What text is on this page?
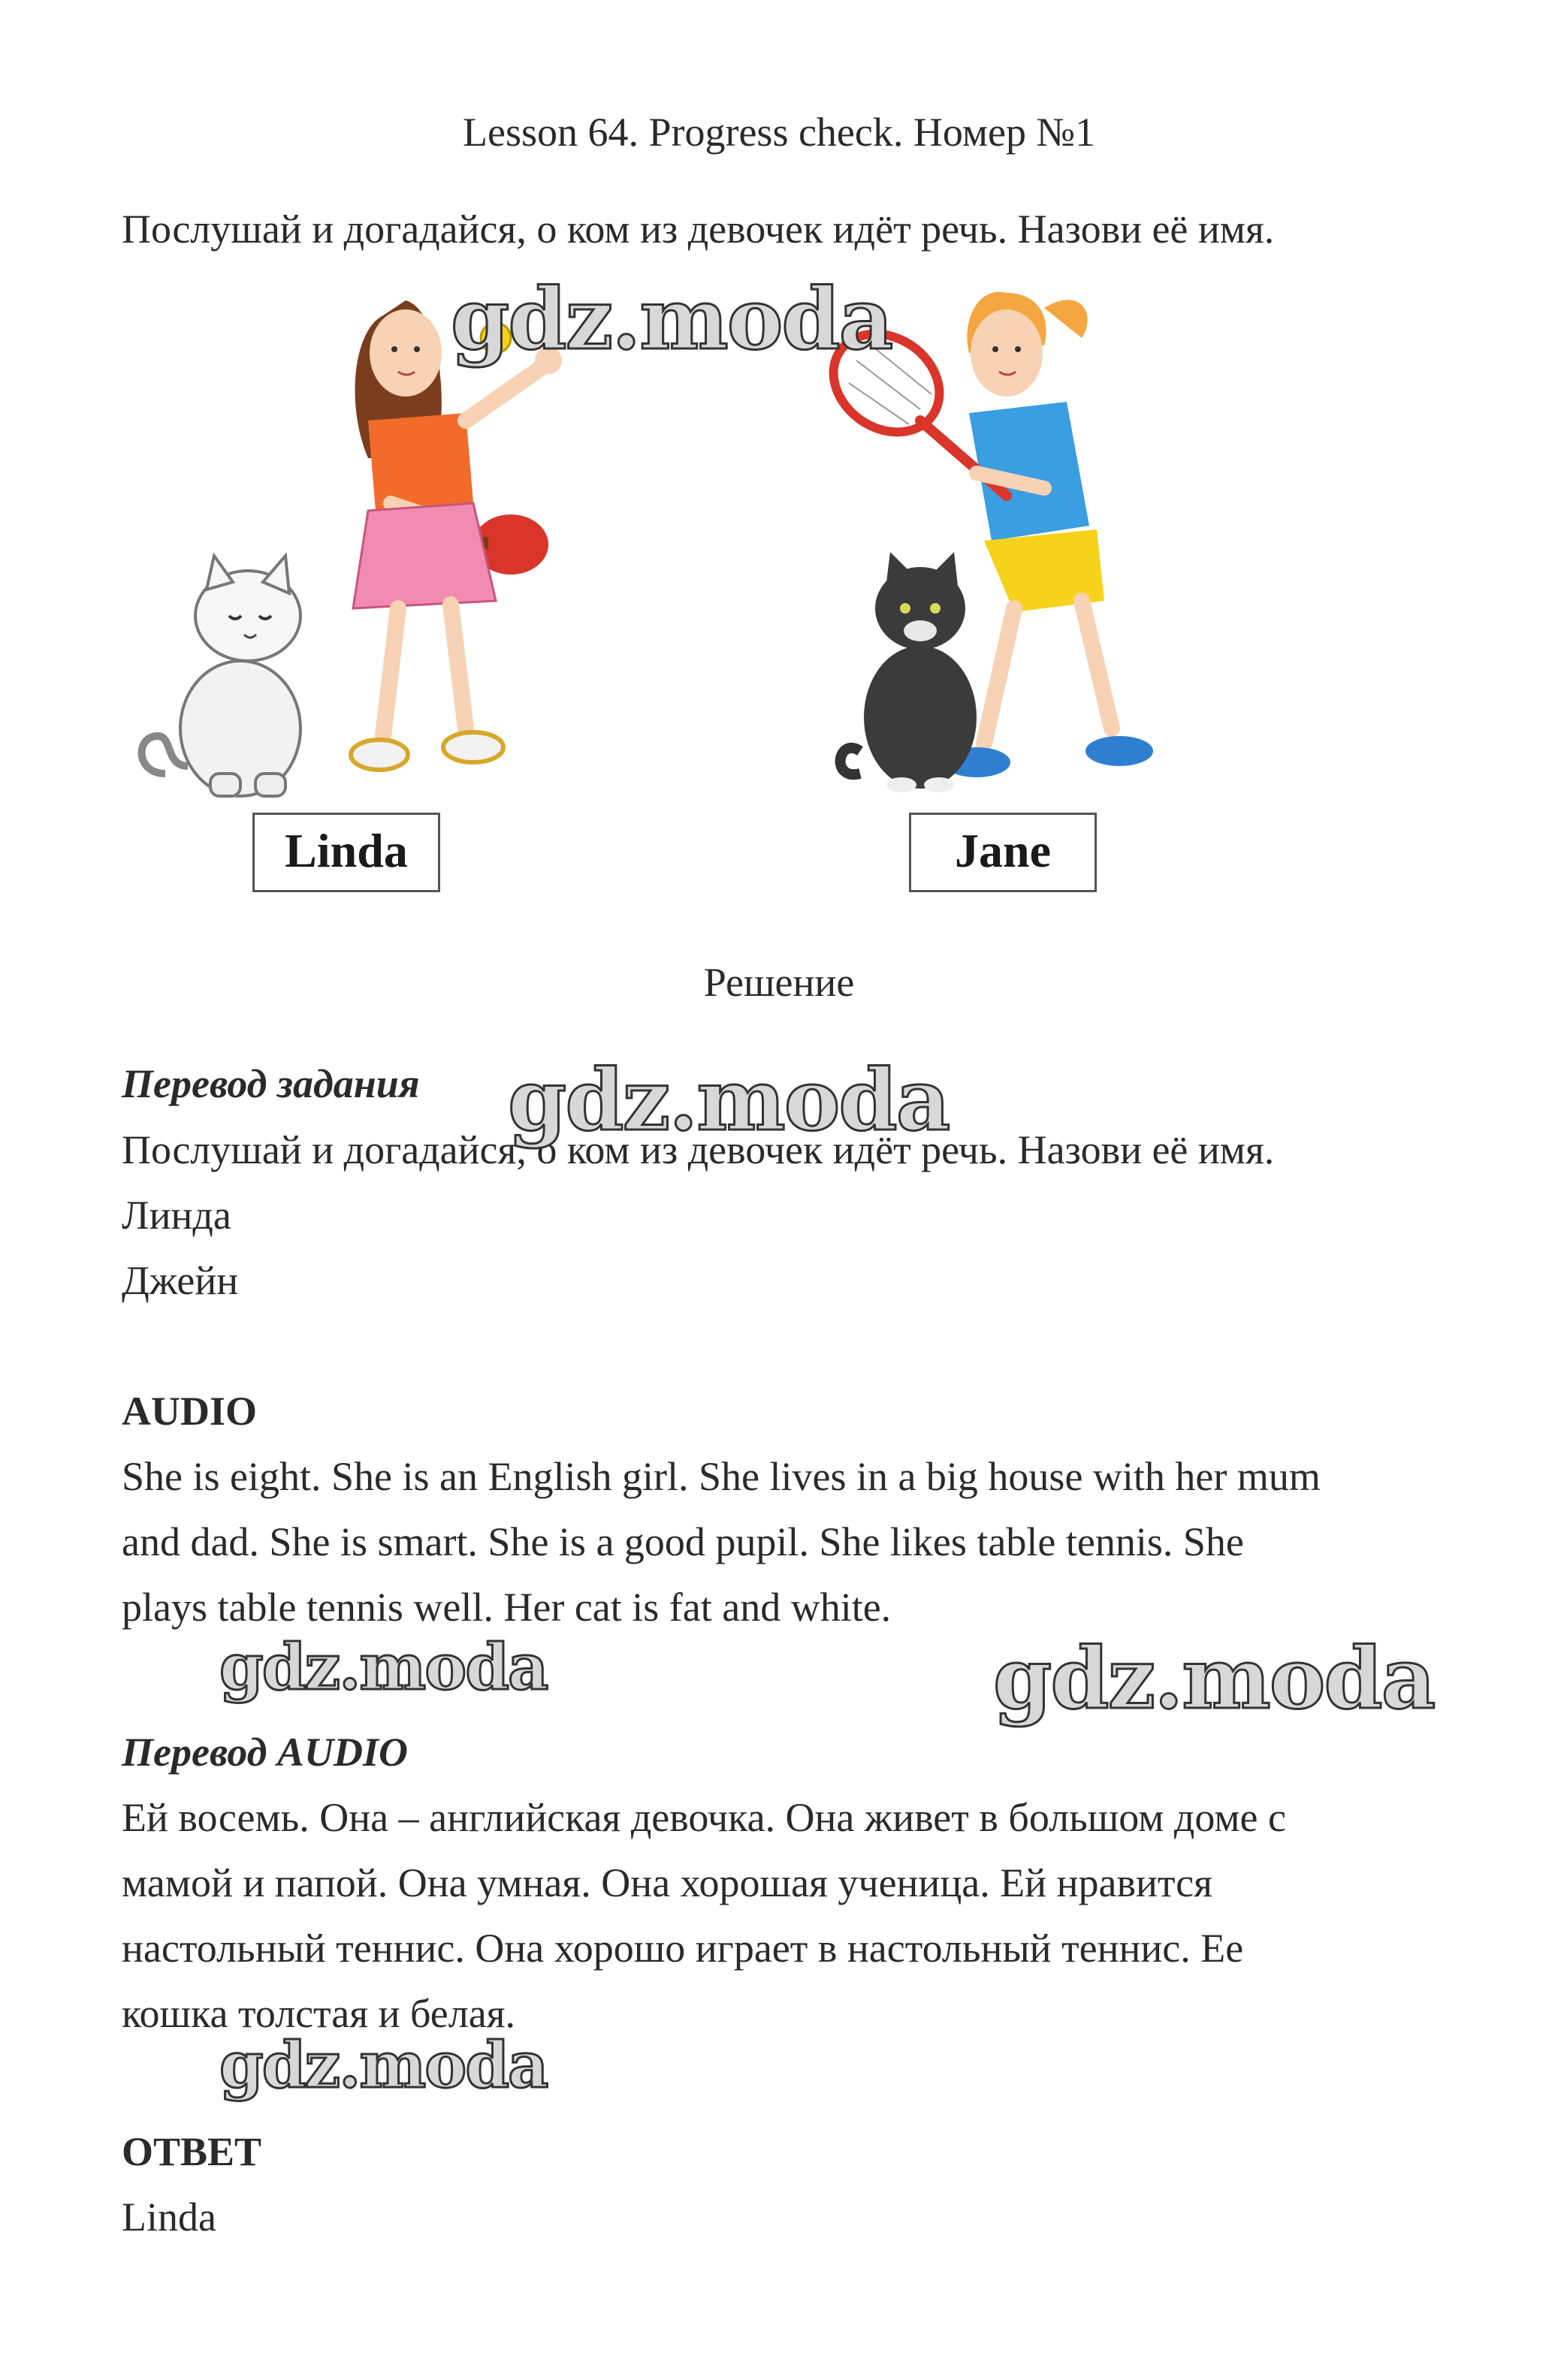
Lesson 64. Progress check. Номер №1
Послушай и догадайся, о ком из девочек идёт речь. Назови её имя.
Linda	Jane
Решение
Перевод задания
Послушай и догадайся, о ком из девочек идёт речь. Назови её имя.
Линда
Джейн
AUDIO
She is eight. She is an English girl. She lives in a big house with her mum
and dad. She is smart. She is a good pupil. She likes table tennis. She
plays table tennis well. Her cat is fat and white.
Перевод AUDIO
Ей восемь. Она – английская девочка. Она живет в большом доме с
мамой и папой. Она умная. Она хорошая ученица. Ей нравится
настольный теннис. Она хорошо играет в настольный теннис. Ее
кошка толстая и белая.
ОТВЕТ
Linda
gdz.moda
gdz.moda
gdz.moda	gdz.moda
gdz.moda
